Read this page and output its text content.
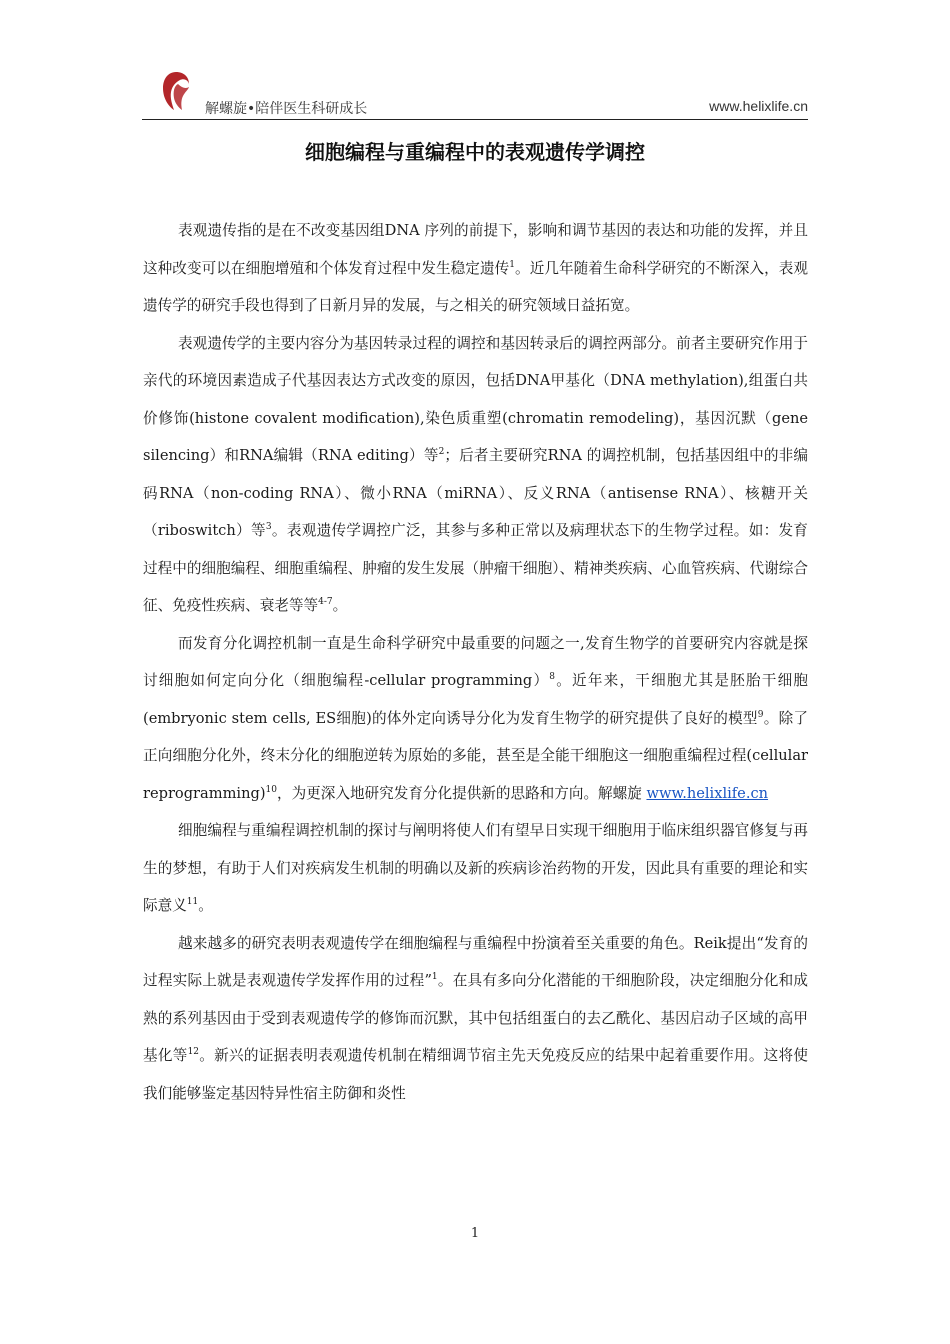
解螺旋•陪伴医生科研成长	www.helixlife.cn
细胞编程与重编程中的表观遗传学调控

表观遗传指的是在不改变基因组DNA 序列的前提下，影响和调节基因的表达和功能的发挥，并且这种改变可以在细胞增殖和个体发育过程中发生稳定遗传$^1$。近几年随着生命科学研究的不断深入，表观遗传学的研究手段也得到了日新月异的发展，与之相关的研究领域日益拓宽。

表观遗传学的主要内容分为基因转录过程的调控和基因转录后的调控两部分。前者主要研究作用于亲代的环境因素造成子代基因表达方式改变的原因，包括DNA甲基化（DNA methylation),组蛋白共价修饰(histone covalent modification),染色质重塑(chromatin remodeling)，基因沉默（gene silencing）和RNA编辑（RNA editing）等$^2$；后者主要研究RNA 的调控机制，包括基因组中的非编码RNA（non-coding RNA）、微小RNA（miRNA）、反义RNA（antisense RNA）、核糖开关（riboswitch）等$^3$。表观遗传学调控广泛，其参与多种正常以及病理状态下的生物学过程。如：发育过程中的细胞编程、细胞重编程、肿瘤的发生发展（肿瘤干细胞）、精神类疾病、心血管疾病、代谢综合征、免疫性疾病、衰老等等$^{4-7}$。

而发育分化调控机制一直是生命科学研究中最重要的问题之一,发育生物学的首要研究内容就是探讨细胞如何定向分化（细胞编程-cellular programming）$^8$。近年来，干细胞尤其是胚胎干细胞(embryonic stem cells, ES细胞)的体外定向诱导分化为发育生物学的研究提供了良好的模型$^9$。除了正向细胞分化外，终末分化的细胞逆转为原始的多能，甚至是全能干细胞这一细胞重编程过程(cellular reprogramming)$^{10}$，为更深入地研究发育分化提供新的思路和方向。解螺旋 www.helixlife.cn

细胞编程与重编程调控机制的探讨与阐明将使人们有望早日实现干细胞用于临床组织器官修复与再生的梦想，有助于人们对疾病发生机制的明确以及新的疾病诊治药物的开发，因此具有重要的理论和实际意义$^{11}$。

越来越多的研究表明表观遗传学在细胞编程与重编程中扮演着至关重要的角色。Reik提出“发育的过程实际上就是表观遗传学发挥作用的过程”$^1$。在具有多向分化潜能的干细胞阶段，决定细胞分化和成熟的系列基因由于受到表观遗传学的修饰而沉默，其中包括组蛋白的去乙酰化、基因启动子区域的高甲基化等$^{12}$。新兴的证据表明表观遗传机制在精细调节宿主先天免疫反应的结果中起着重要作用。这将使我们能够鉴定基因特异性宿主防御和炎性

1
